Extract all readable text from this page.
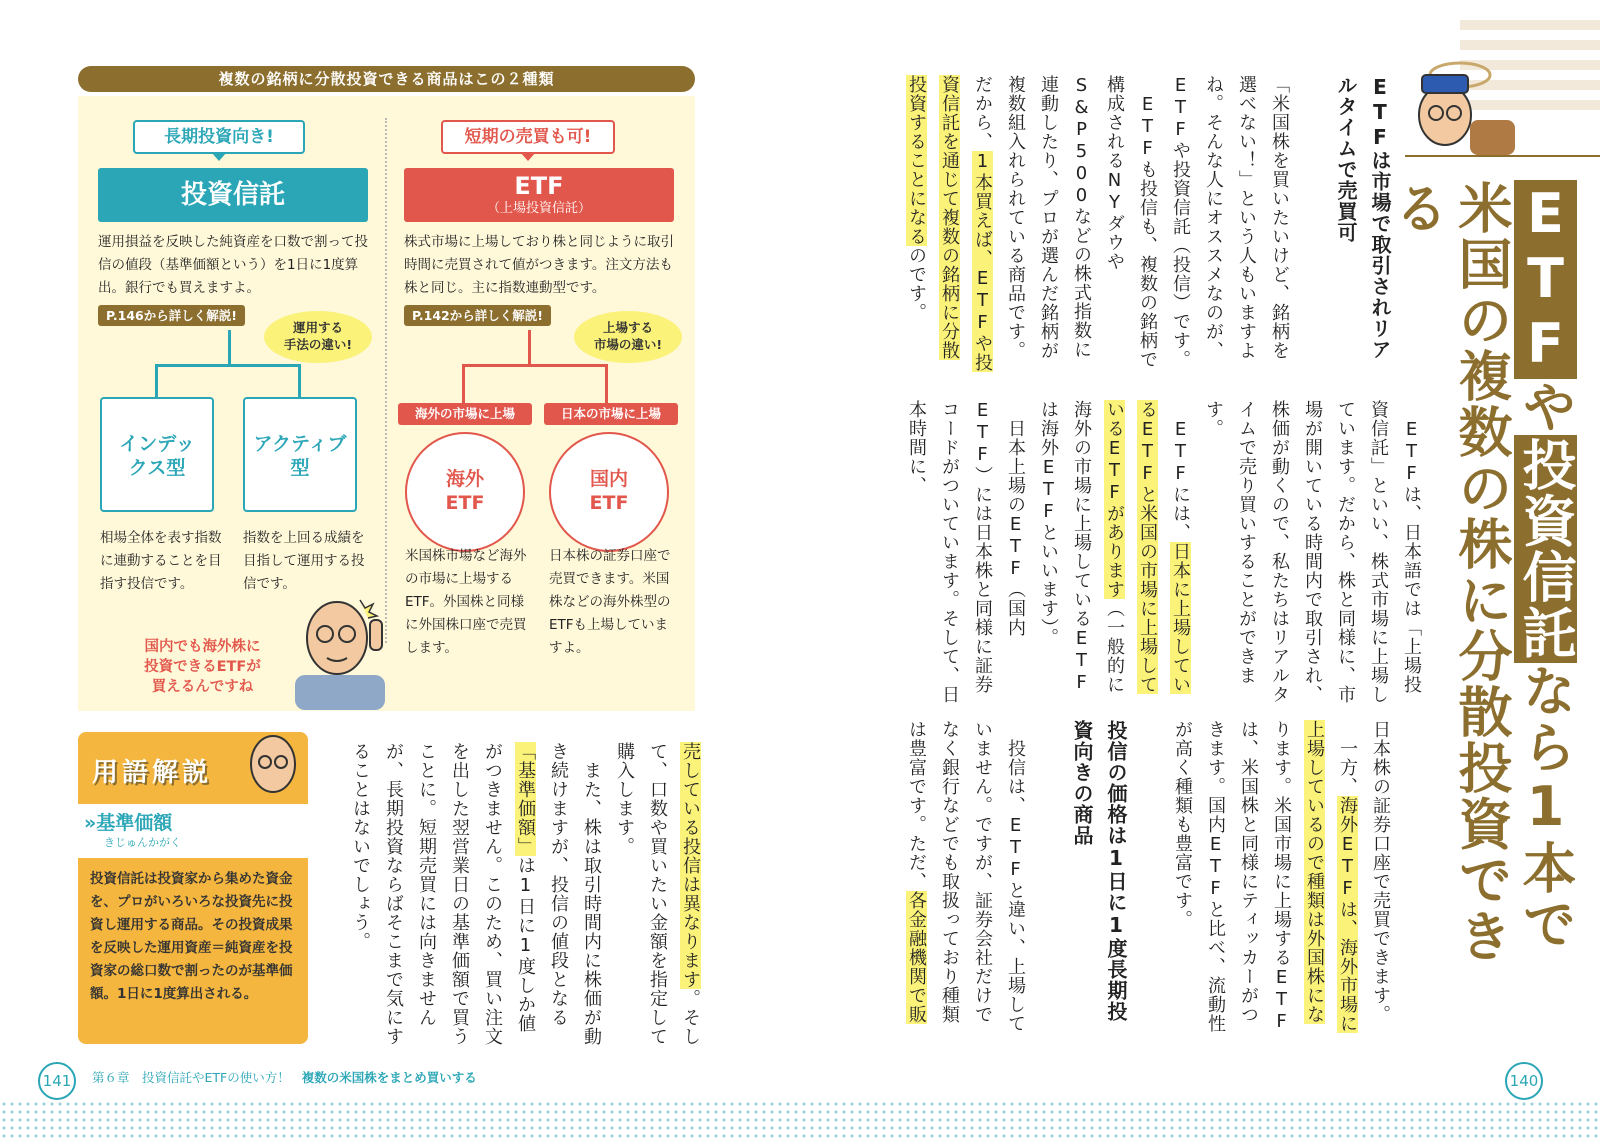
複数の銘柄に分散投資できる商品はこの２種類
長期投資向き!
投資信託
運用損益を反映した純資産を口数で割って投信の値段（基準価額という）を1日に1度算出。銀行でも買えますよ。
P.146から詳しく解説!
運用する
手法の違い!
インデッ
クス型
アクティブ
型
相場全体を表す指数に連動することを目指す投信です。
指数を上回る成績を目指して運用する投信です。
短期の売買も可!
ETF
（上場投資信託）
株式市場に上場しており株と同じように取引時間に売買されて値がつきます。注文方法も株と同じ。主に指数連動型です。
P.142から詳しく解説!
上場する
市場の違い!
海外の市場に上場	日本の市場に上場
海外
ETF
国内
ETF
米国株市場など海外の市場に上場するETF。外国株と同様に外国株口座で売買します。
日本株の証券口座で売買できます。米国株などの海外株型のETFも上場していますよ。
国内でも海外株に
投資できるETFが
買えるんですね
用語解説
»基準価額
きじゅんかがく
投資信託は投資家から集めた資金を、プロがいろいろな投資先に投資し運用する商品。その投資成果を反映した運用資産＝純資産を投資家の総口数で割ったのが基準価額。1日に1度算出される。
売している投信は異なります。そして、口数や買いたい金額を指定して購入します。
　また、株は取引時間内に株価が動き続けますが、投信の値段となる「基準価額」は1日に1度しか値がつきません。このため、買い注文を出した翌営業日の基準価額で買うことに。短期売買には向きませんが、長期投資ならばそこまで気にすることはないでしょう。
ETFや投資信託なら1本で米国の複数の株に分散投資できる
ETFは市場で取引されリアルタイムで売買可

「米国株を買いたいけど、銘柄を選べない！」という人もいますよね。そんな人にオススメなのが、ETFや投資信託（投信）です。
　ETFも投信も、複数の銘柄で構成されるNYダウやS&P500などの株式指数に連動したり、プロが選んだ銘柄が複数組入れられている商品です。だから、1本買えば、ETFや投資信託を通じて複数の銘柄に分散投資することになるのです。
　ETFは、日本語では「上場投資信託」といい、株式市場に上場しています。だから、株と同様に、市場が開いている時間内で取引され、株価が動くので、私たちはリアルタイムで売り買いすることができます。
　ETFには、日本に上場しているETFと米国の市場に上場しているETFがあります（一般的に海外の市場に上場しているETFは海外ETFといいます）。
　日本上場のETF（国内ETF）には日本株と同様に証券コードがついています。そして、日本時間に、
日本株の証券口座で売買できます。
　一方、海外ETFは、海外市場に上場しているので種類は外国株になります。米国市場に上場するETFは、米国株と同様にティッカーがつきます。国内ETFと比べ、流動性が高く種類も豊富です。

投信の価格は1日に1度長期投資向きの商品

　投信は、ETFと違い、上場していません。ですが、証券会社だけでなく銀行などでも取扱っており種類は豊富です。ただ、各金融機関で販
141	第６章　投資信託やETFの使い方！ 複数の米国株をまとめ買いする	140
